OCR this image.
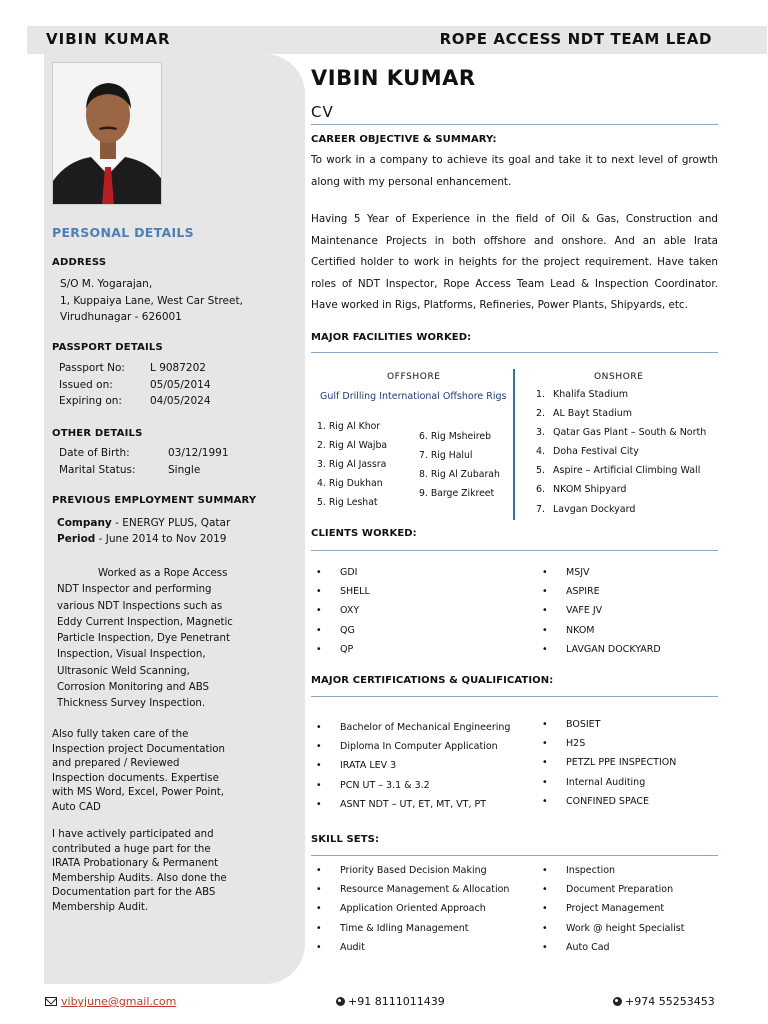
VIBIN KUMAR	ROPE ACCESS NDT TEAM LEAD
PERSONAL DETAILS
ADDRESS
S/O M. Yogarajan,
1, Kuppaiya Lane, West Car Street,
Virudhunagar - 626001
PASSPORT DETAILS
Passport No:	L 9087202
Issued on:	05/05/2014
Expiring on:	04/05/2024
OTHER DETAILS
Date of Birth:	03/12/1991
Marital Status:	Single
PREVIOUS EMPLOYMENT SUMMARY
Company - ENERGY PLUS, Qatar
Period - June 2014 to Nov 2019
Worked as a Rope Access
NDT Inspector and performing
various NDT Inspections such as
Eddy Current Inspection, Magnetic
Particle Inspection, Dye Penetrant
Inspection, Visual Inspection,
Ultrasonic Weld Scanning,
Corrosion Monitoring and ABS
Thickness Survey Inspection.
Also fully taken care of the
Inspection project Documentation
and prepared / Reviewed
Inspection documents. Expertise
with MS Word, Excel, Power Point,
Auto CAD
I have actively participated and
contributed a huge part for the
IRATA Probationary & Permanent
Membership Audits. Also done the
Documentation part for the ABS
Membership Audit.
VIBIN KUMAR
CV
CAREER OBJECTIVE & SUMMARY:
To work in a company to achieve its goal and take it to next level of growth along with my personal enhancement.
Having 5 Year of Experience in the field of Oil & Gas, Construction and Maintenance Projects in both offshore and onshore. And an able Irata Certified holder to work in heights for the project requirement. Have taken roles of NDT Inspector, Rope Access Team Lead & Inspection Coordinator. Have worked in Rigs, Platforms, Refineries, Power Plants, Shipyards, etc.
MAJOR FACILITIES WORKED:
OFFSHORE
Gulf Drilling International Offshore Rigs
1. Rig Al Khor
2. Rig Al Wajba
3. Rig Al Jassra
4. Rig Dukhan
5. Rig Leshat
6. Rig Msheireb
7. Rig Halul
8. Rig Al Zubarah
9. Barge Zikreet
ONSHORE
1. Khalifa Stadium
2. AL Bayt Stadium
3. Qatar Gas Plant – South & North
4. Doha Festival City
5. Aspire – Artificial Climbing Wall
6. NKOM Shipyard
7. Lavgan Dockyard
CLIENTS WORKED:
• GDI
• SHELL
• OXY
• QG
• QP
• MSJV
• ASPIRE
• VAFE JV
• NKOM
• LAVGAN DOCKYARD
MAJOR CERTIFICATIONS & QUALIFICATION:
• Bachelor of Mechanical Engineering
• Diploma In Computer Application
• IRATA LEV 3
• PCN UT – 3.1 & 3.2
• ASNT NDT – UT, ET, MT, VT, PT
• BOSIET
• H2S
• PETZL PPE INSPECTION
• Internal Auditing
• CONFINED SPACE
SKILL SETS:
• Priority Based Decision Making
• Resource Management & Allocation
• Application Oriented Approach
• Time & Idling Management
• Audit
• Inspection
• Document Preparation
• Project Management
• Work @ height Specialist
• Auto Cad
vibyjune@gmail.com	+91 8111011439	+974 55253453
